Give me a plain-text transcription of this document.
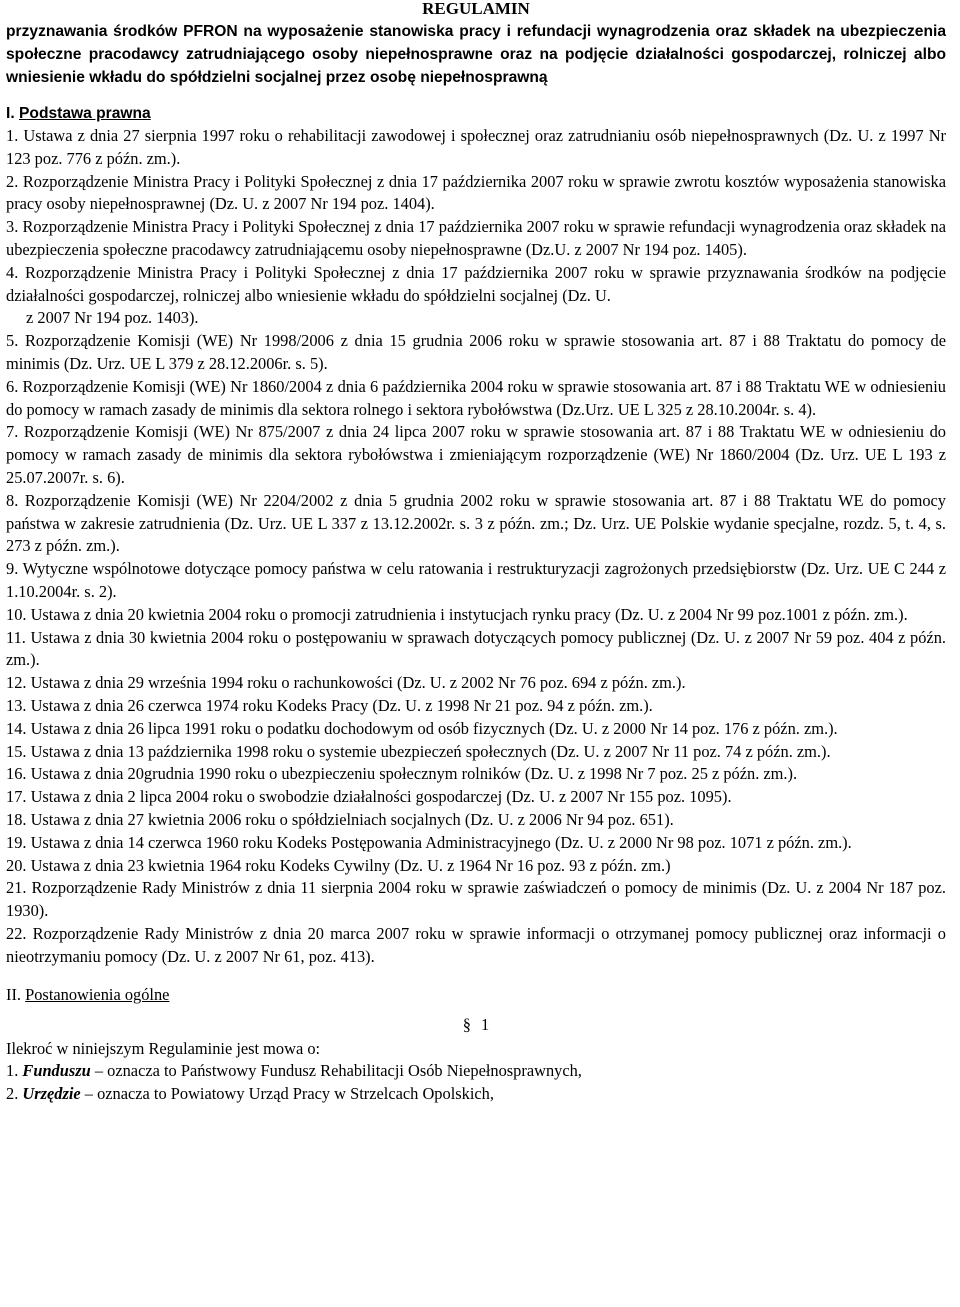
REGULAMIN

przyznawania środków PFRON na wyposażenie stanowiska pracy i refundacji wynagrodzenia oraz składek na ubezpieczenia społeczne pracodawcy zatrudniającego osoby niepełnosprawne oraz na podjęcie działalności gospodarczej, rolniczej albo wniesienie wkładu do spółdzielni socjalnej przez osobę niepełnosprawną

I. Podstawa prawna

1. Ustawa z dnia 27 sierpnia 1997 roku o rehabilitacji zawodowej i społecznej oraz zatrudnianiu osób niepełnosprawnych (Dz. U. z 1997 Nr 123 poz. 776 z późn. zm.).

2. Rozporządzenie Ministra Pracy i Polityki Społecznej z dnia 17 października 2007 roku w sprawie zwrotu kosztów wyposażenia stanowiska pracy osoby niepełnosprawnej (Dz. U. z 2007 Nr 194 poz. 1404).

3. Rozporządzenie Ministra Pracy i Polityki Społecznej z dnia 17 października 2007 roku w sprawie refundacji wynagrodzenia oraz składek na ubezpieczenia społeczne pracodawcy zatrudniającemu osoby niepełnosprawne (Dz.U. z 2007 Nr 194 poz. 1405).

4. Rozporządzenie Ministra Pracy i Polityki Społecznej z dnia 17 października 2007 roku w sprawie przyznawania środków na podjęcie działalności gospodarczej, rolniczej albo wniesienie wkładu do spółdzielni socjalnej (Dz. U.
z 2007 Nr 194 poz. 1403).

5. Rozporządzenie Komisji (WE) Nr 1998/2006 z dnia 15 grudnia 2006 roku w sprawie stosowania art. 87 i 88 Traktatu do pomocy de minimis (Dz. Urz. UE L 379 z 28.12.2006r. s. 5).

6. Rozporządzenie Komisji (WE) Nr 1860/2004 z dnia 6 października 2004 roku w sprawie stosowania art. 87 i 88 Traktatu WE w odniesieniu do pomocy w ramach zasady de minimis dla sektora rolnego i sektora rybołówstwa (Dz.Urz. UE L 325 z 28.10.2004r. s. 4).

7. Rozporządzenie Komisji (WE) Nr 875/2007 z dnia 24 lipca 2007 roku w sprawie stosowania art. 87 i 88 Traktatu WE w odniesieniu do pomocy w ramach zasady de minimis dla sektora rybołówstwa i zmieniającym rozporządzenie (WE) Nr 1860/2004 (Dz. Urz. UE L 193 z 25.07.2007r. s. 6).

8. Rozporządzenie Komisji (WE) Nr 2204/2002 z dnia 5 grudnia 2002 roku w sprawie stosowania art. 87 i 88 Traktatu WE do pomocy państwa w zakresie zatrudnienia (Dz. Urz. UE L 337 z 13.12.2002r. s. 3 z późn. zm.; Dz. Urz. UE Polskie wydanie specjalne, rozdz. 5, t. 4, s. 273 z późn. zm.).

9. Wytyczne wspólnotowe dotyczące pomocy państwa w celu ratowania i restrukturyzacji zagrożonych przedsiębiorstw (Dz. Urz. UE C 244 z 1.10.2004r. s. 2).

10. Ustawa z dnia 20 kwietnia 2004 roku o promocji zatrudnienia i instytucjach rynku pracy (Dz. U. z 2004 Nr 99 poz.1001 z późn. zm.).

11. Ustawa z dnia 30 kwietnia 2004 roku o postępowaniu w sprawach dotyczących pomocy publicznej (Dz. U. z 2007 Nr 59 poz. 404 z późn. zm.).

12. Ustawa z dnia 29 września 1994 roku o rachunkowości (Dz. U. z 2002 Nr 76 poz. 694 z późn. zm.).

13. Ustawa z dnia 26 czerwca 1974 roku Kodeks Pracy (Dz. U. z 1998 Nr 21 poz. 94 z późn. zm.).

14. Ustawa z dnia 26 lipca 1991 roku o podatku dochodowym od osób fizycznych (Dz. U. z 2000 Nr 14 poz. 176 z późn. zm.).

15. Ustawa z dnia 13 października 1998 roku o systemie ubezpieczeń społecznych (Dz. U. z 2007 Nr 11 poz. 74 z późn. zm.).

16. Ustawa z dnia 20grudnia 1990 roku o ubezpieczeniu społecznym rolników (Dz. U. z 1998 Nr 7 poz. 25 z późn. zm.).

17. Ustawa z dnia 2 lipca 2004 roku o swobodzie działalności gospodarczej (Dz. U. z 2007 Nr 155 poz. 1095).

18. Ustawa z dnia 27 kwietnia 2006 roku o spółdzielniach socjalnych (Dz. U. z 2006 Nr 94 poz. 651).

19. Ustawa z dnia 14 czerwca 1960 roku Kodeks Postępowania Administracyjnego (Dz. U. z 2000 Nr 98 poz. 1071 z późn. zm.).

20. Ustawa z dnia 23 kwietnia 1964 roku Kodeks Cywilny (Dz. U. z 1964 Nr 16 poz. 93 z późn. zm.)

21. Rozporządzenie Rady Ministrów z dnia 11 sierpnia 2004 roku w sprawie zaświadczeń o pomocy de minimis (Dz. U. z 2004 Nr 187 poz. 1930).

22. Rozporządzenie Rady Ministrów z dnia 20 marca 2007 roku w sprawie informacji o otrzymanej pomocy publicznej oraz informacji o nieotrzymaniu pomocy (Dz. U. z 2007 Nr 61, poz. 413).

II. Postanowienia ogólne
§ 1

Ilekroć w niniejszym Regulaminie jest mowa o:

1. Funduszu – oznacza to Państwowy Fundusz Rehabilitacji Osób Niepełnosprawnych,

2. Urzędzie – oznacza to Powiatowy Urząd Pracy w Strzelcach Opolskich,
